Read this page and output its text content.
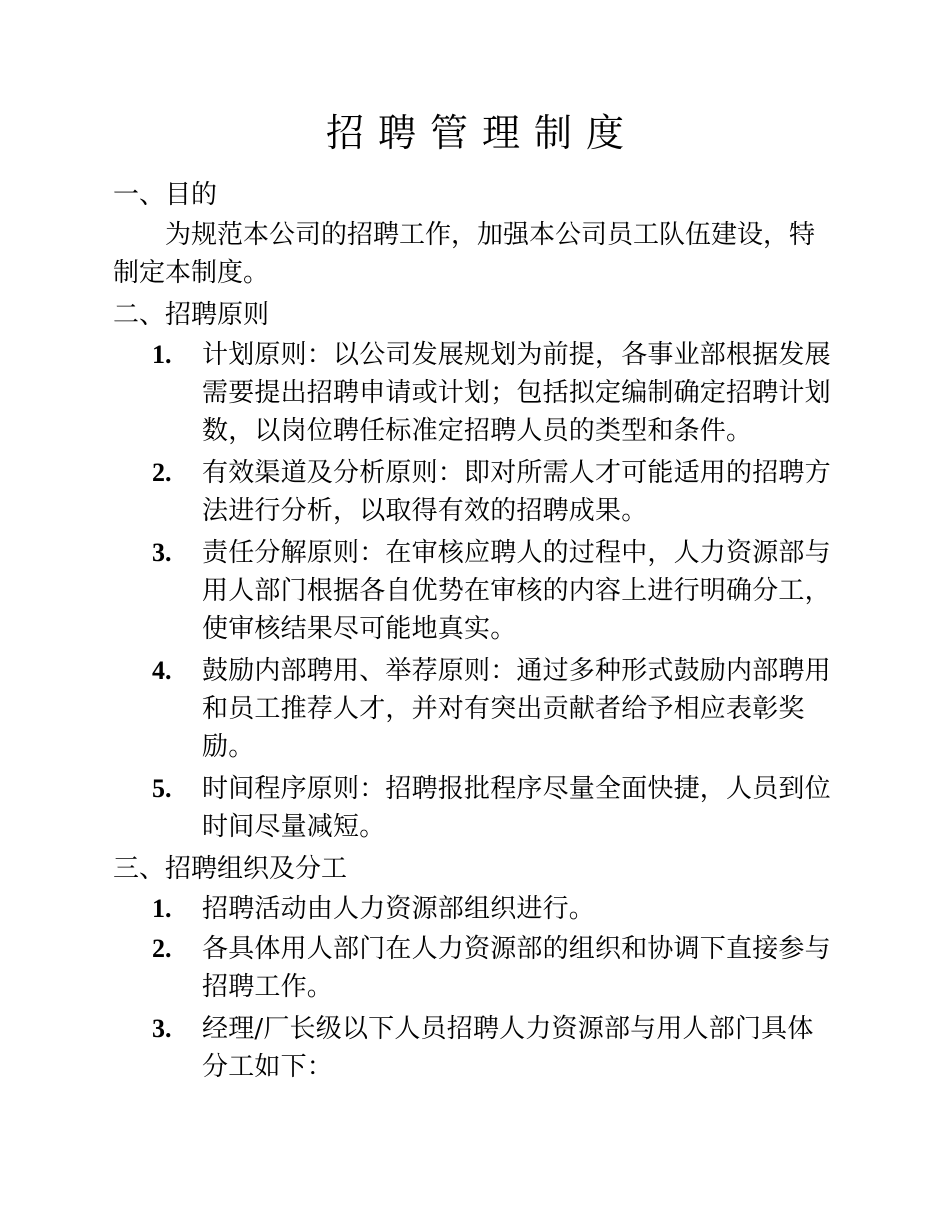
招聘管理制度
一、目的
为规范本公司的招聘工作，加强本公司员工队伍建设，特制定本制度。
二、招聘原则
1. 计划原则：以公司发展规划为前提，各事业部根据发展需要提出招聘申请或计划；包括拟定编制确定招聘计划数，以岗位聘任标准定招聘人员的类型和条件。
2. 有效渠道及分析原则：即对所需人才可能适用的招聘方法进行分析，以取得有效的招聘成果。
3. 责任分解原则：在审核应聘人的过程中，人力资源部与用人部门根据各自优势在审核的内容上进行明确分工，使审核结果尽可能地真实。
4. 鼓励内部聘用、举荐原则：通过多种形式鼓励内部聘用和员工推荐人才，并对有突出贡献者给予相应表彰奖励。
5. 时间程序原则：招聘报批程序尽量全面快捷，人员到位时间尽量减短。
三、招聘组织及分工
1. 招聘活动由人力资源部组织进行。
2. 各具体用人部门在人力资源部的组织和协调下直接参与招聘工作。
3. 经理/厂长级以下人员招聘人力资源部与用人部门具体分工如下：
